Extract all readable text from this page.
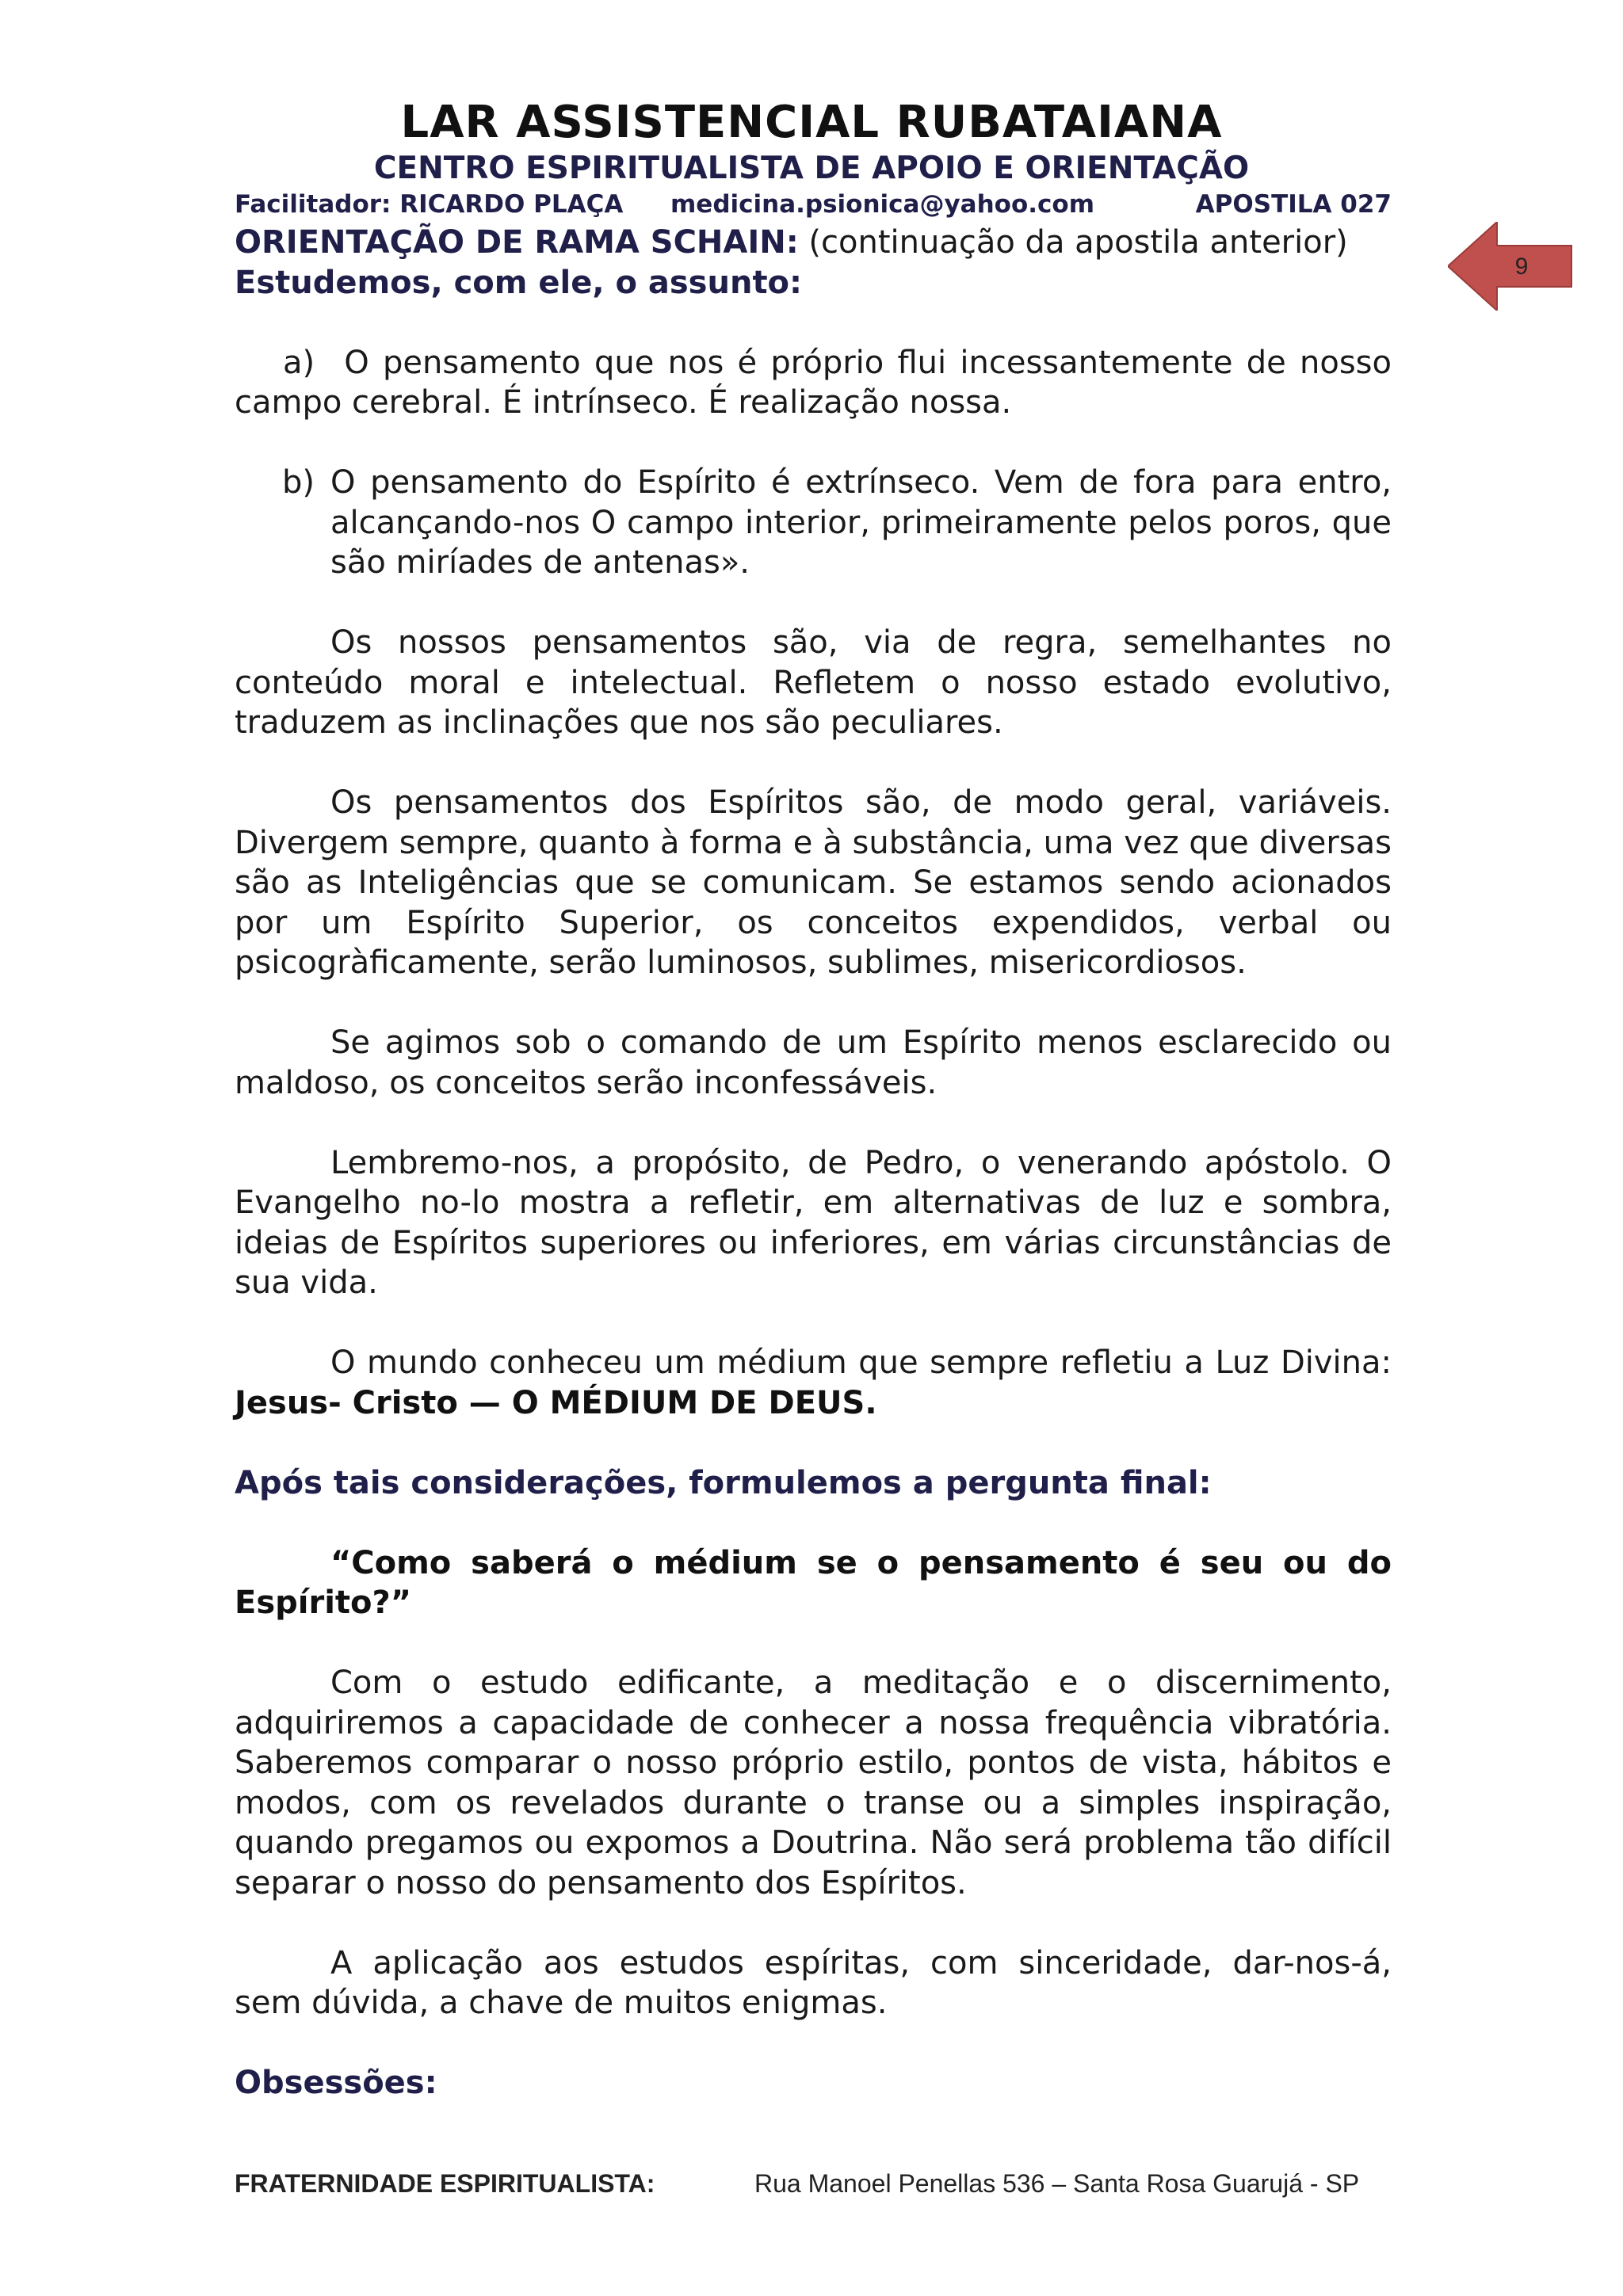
LAR ASSISTENCIAL RUBATAIANA
CENTRO ESPIRITUALISTA DE APOIO E ORIENTAÇÃO
Facilitador: RICARDO PLAÇA medicina.psionica@yahoo.com	APOSTILA 027
9
ORIENTAÇÃO DE RAMA SCHAIN: (continuação da apostila anterior)
Estudemos, com ele, o assunto:
a) O pensamento que nos é próprio flui incessantemente de nosso campo cerebral. É intrínseco. É realização nossa.
b) O pensamento do Espírito é extrínseco. Vem de fora para entro, alcançando-nos O campo interior, primeiramente pelos poros, que são miríades de antenas».

Os nossos pensamentos são, via de regra, semelhantes no conteúdo moral e intelectual. Refletem o nosso estado evolutivo, traduzem as inclinações que nos são peculiares.

Os pensamentos dos Espíritos são, de modo geral, variáveis. Divergem sempre, quanto à forma e à substância, uma vez que diversas são as Inteligências que se comunicam. Se estamos sendo acionados por um Espírito Superior, os conceitos expendidos, verbal ou psicogràficamente, serão luminosos, sublimes, misericordiosos.

Se agimos sob o comando de um Espírito menos esclarecido ou maldoso, os conceitos serão inconfessáveis.

Lembremo-nos, a propósito, de Pedro, o venerando apóstolo. O Evangelho no-lo mostra a refletir, em alternativas de luz e sombra, ideias de Espíritos superiores ou inferiores, em várias circunstâncias de sua vida.

O mundo conheceu um médium que sempre refletiu a Luz Divina: Jesus- Cristo — O MÉDIUM DE DEUS.

Após tais considerações, formulemos a pergunta final:

“Como saberá o médium se o pensamento é seu ou do Espírito?”

Com o estudo edificante, a meditação e o discernimento, adquiriremos a capacidade de conhecer a nossa frequência vibratória. Saberemos comparar o nosso próprio estilo, pontos de vista, hábitos e modos, com os revelados durante o transe ou a simples inspiração, quando pregamos ou expomos a Doutrina. Não será problema tão difícil separar o nosso do pensamento dos Espíritos.

A aplicação aos estudos espíritas, com sinceridade, dar-nos-á, sem dúvida, a chave de muitos enigmas.

Obsessões:
FRATERNIDADE ESPIRITUALISTA:	Rua Manoel Penellas 536 – Santa Rosa Guarujá - SP
